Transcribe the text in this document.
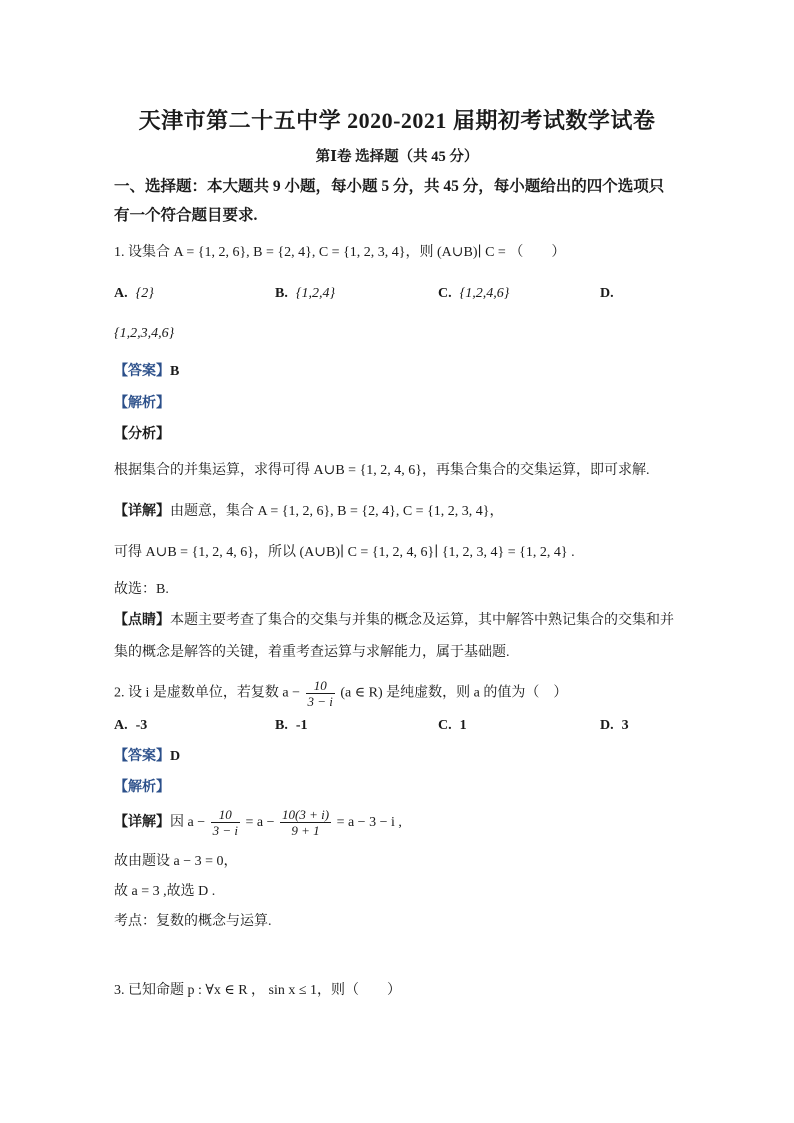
天津市第二十五中学 2020-2021 届期初考试数学试卷
第Ⅰ卷 选择题（共 45 分）
一、选择题：本大题共 9 小题，每小题 5 分，共 45 分，每小题给出的四个选项只
有一个符合题目要求.
1. 设集合 A = {1, 2, 6}, B = {2, 4}, C = {1, 2, 3, 4}，则 (A∪B)∣ C = （　　）
A. {2}	B. {1,2,4}	C. {1,2,4,6}	D.
{1,2,3,4,6}
【答案】B
【解析】
【分析】
根据集合的并集运算，求得可得 A∪B = {1, 2, 4, 6}，再集合集合的交集运算，即可求解.
【详解】由题意，集合 A = {1, 2, 6}, B = {2, 4}, C = {1, 2, 3, 4}，
可得 A∪B = {1, 2, 4, 6}，所以 (A∪B)∣ C = {1, 2, 4, 6}∣ {1, 2, 3, 4} = {1, 2, 4} .
故选：B.
【点睛】本题主要考查了集合的交集与并集的概念及运算，其中解答中熟记集合的交集和并
集的概念是解答的关键，着重考查运算与求解能力，属于基础题.
2. 设 i 是虚数单位，若复数 $a - \frac{10}{3 - i} (a$ ∈ R) 是纯虚数，则 a 的值为（　）
A. -3	B. -1	C. 1	D. 3
【答案】D
【解析】
【详解】因 $a - \frac{10}{3 - i} = a - \frac{10(3 + i)}{9 + 1} = a - 3 - i$ ,
故由题设 a − 3 = 0，
故 a = 3 ,故选 D .
考点：复数的概念与运算.
3. 已知命题 p : ∀x ∈ R ， sin x ≤ 1，则（　　）
